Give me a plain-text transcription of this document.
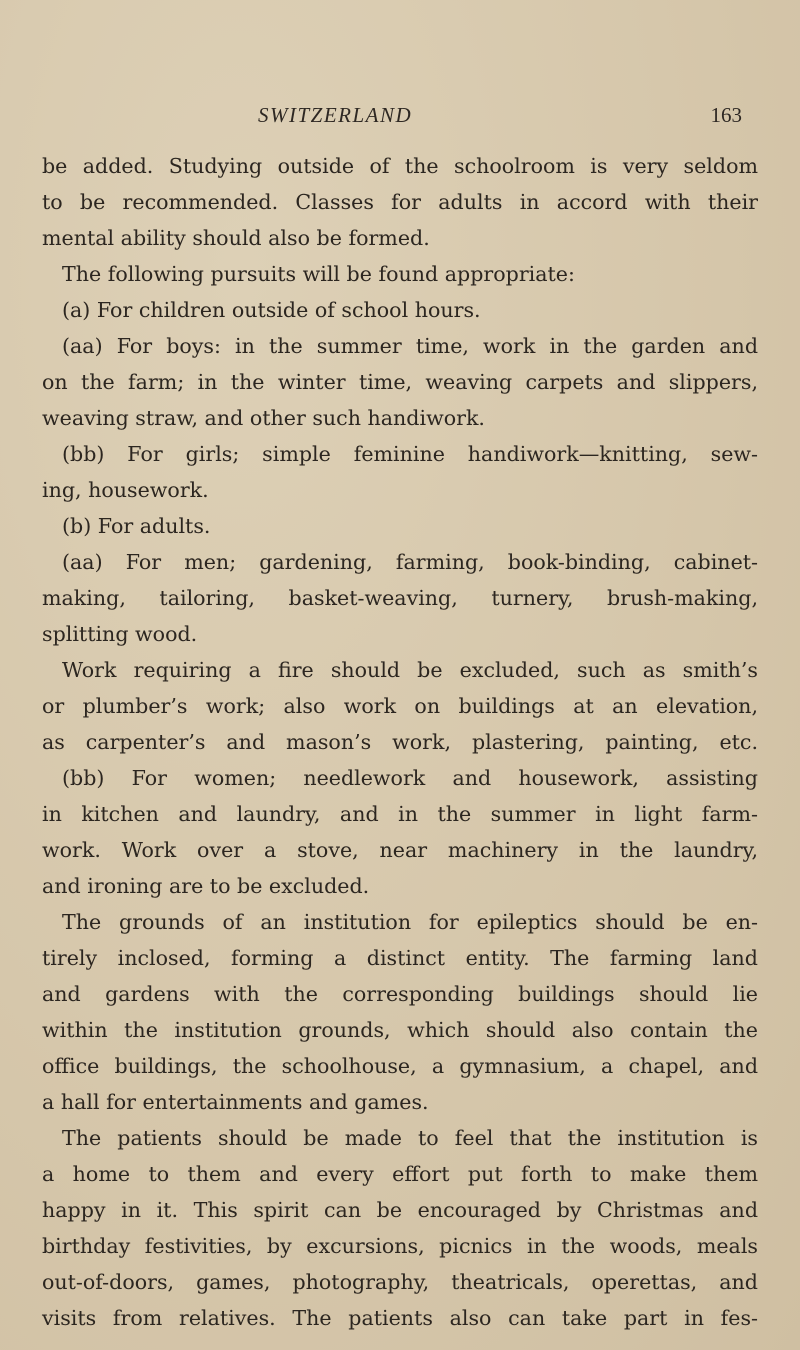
SWITZERLAND	163
be added. Studying outside of the schoolroom is very seldom
to be recommended. Classes for adults in accord with their
mental ability should also be formed.
The following pursuits will be found appropriate:
(a) For children outside of school hours.
(aa) For boys: in the summer time, work in the garden and
on the farm; in the winter time, weaving carpets and slippers,
weaving straw, and other such handiwork.
(bb) For girls; simple feminine handiwork—knitting, sew-
ing, housework.
(b) For adults.
(aa) For men; gardening, farming, book-binding, cabinet-
making, tailoring, basket-weaving, turnery, brush-making,
splitting wood.
Work requiring a fire should be excluded, such as smith’s
or plumber’s work; also work on buildings at an elevation,
as carpenter’s and mason’s work, plastering, painting, etc.
(bb) For women; needlework and housework, assisting
in kitchen and laundry, and in the summer in light farm-
work. Work over a stove, near machinery in the laundry,
and ironing are to be excluded.
The grounds of an institution for epileptics should be en-
tirely inclosed, forming a distinct entity. The farming land
and gardens with the corresponding buildings should lie
within the institution grounds, which should also contain the
office buildings, the schoolhouse, a gymnasium, a chapel, and
a hall for entertainments and games.
The patients should be made to feel that the institution is
a home to them and every effort put forth to make them
happy in it. This spirit can be encouraged by Christmas and
birthday festivities, by excursions, picnics in the woods, meals
out-of-doors, games, photography, theatricals, operettas, and
visits from relatives. The patients also can take part in fes-
